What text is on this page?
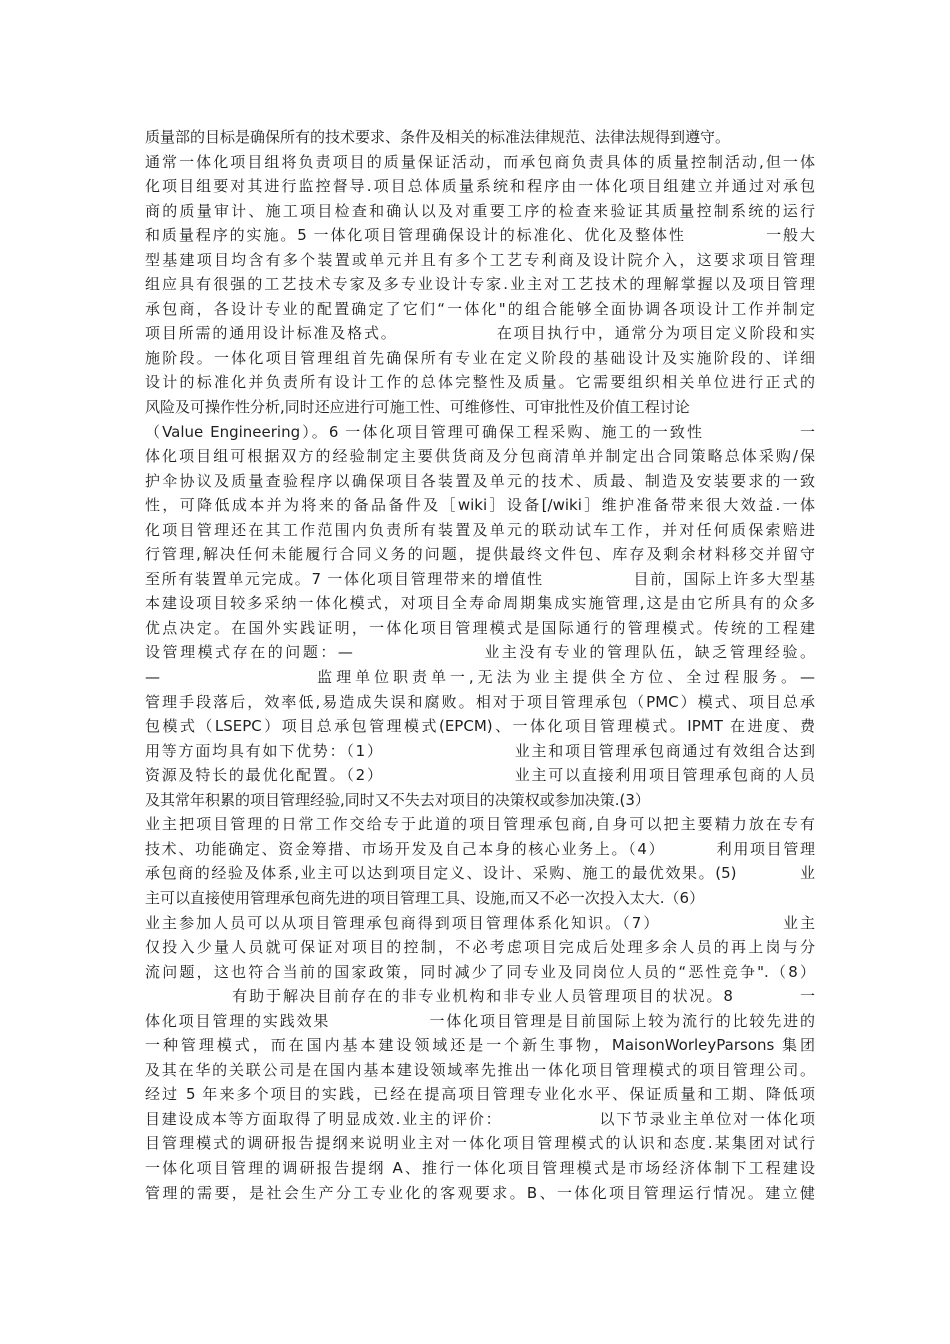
质量部的目标是确保所有的技术要求、条件及相关的标准法律规范、法律法规得到遵守。
通常一体化项目组将负责项目的质量保证活动，而承包商负责具体的质量控制活动,但一体
化项目组要对其进行监控督导.项目总体质量系统和程序由一体化项目组建立并通过对承包
商的质量审计、施工项目检查和确认以及对重要工序的检查来验证其质量控制系统的运行
和质量程序的实施。5 一体化项目管理确保设计的标准化、优化及整体性            一般大
型基建项目均含有多个装置或单元并且有多个工艺专利商及设计院介入，这要求项目管理
组应具有很强的工艺技术专家及多专业设计专家.业主对工艺技术的理解掌握以及项目管理
承包商，各设计专业的配置确定了它们“一体化"的组合能够全面协调各项设计工作并制定
项目所需的通用设计标准及格式。               在项目执行中，通常分为项目定义阶段和实
施阶段。一体化项目管理组首先确保所有专业在定义阶段的基础设计及实施阶段的、详细
设计的标准化并负责所有设计工作的总体完整性及质量。它需要组织相关单位进行正式的
风险及可操作性分析,同时还应进行可施工性、可维修性、可审批性及价值工程讨论
（Value Engineering）。6 一体化项目管理可确保工程采购、施工的一致性              一
体化项目组可根据双方的经验制定主要供货商及分包商清单并制定出合同策略总体采购/保
护伞协议及质量查验程序以确保项目各装置及单元的技术、质最、制造及安装要求的一致
性，可降低成本并为将来的备品备件及［wiki］设备[/wiki］维护准备带来很大效益.一体
化项目管理还在其工作范围内负责所有装置及单元的联动试车工作，并对任何质保索赔进
行管理,解决任何未能履行合同义务的问题，提供最终文件包、库存及剩余材料移交并留守
至所有装置单元完成。7 一体化项目管理带来的增值性              目前，国际上许多大型基
本建设项目较多采纳一体化模式，对项目全寿命周期集成实施管理,这是由它所具有的众多
优点决定。在国外实践证明，一体化项目管理模式是国际通行的管理模式。传统的工程建
设管理模式存在的问题：—                  业主没有专业的管理队伍，缺乏管理经验。
—                  监理单位职责单一,无法为业主提供全方位、全过程服务。—
管理手段落后，效率低,易造成失误和腐败。相对于项目管理承包（PMC）模式、项目总承
包模式（LSEPC）项目总承包管理模式(EPCM)、一体化项目管理模式。IPMT 在进度、费
用等方面均具有如下优势：（1）                    业主和项目管理承包商通过有效组合达到
资源及特长的最优化配置。（2）                    业主可以直接利用项目管理承包商的人员
及其常年积累的项目管理经验,同时又不失去对项目的决策权或参加决策.(3）
业主把项目管理的日常工作交给专于此道的项目管理承包商,自身可以把主要精力放在专有
技术、功能确定、资金筹措、市场开发及自己本身的核心业务上。（4）        利用项目管理
承包商的经验及体系,业主可以达到项目定义、设计、采购、施工的最优效果。(5)          业
主可以直接使用管理承包商先进的项目管理工具、设施,而又不必一次投入太大.（6）
业主参加人员可以从项目管理承包商得到项目管理体系化知识。（7）                  业主
仅投入少量人员就可保证对项目的控制，不必考虑项目完成后处理多余人员的再上岗与分
流问题，这也符合当前的国家政策，同时减少了同专业及同岗位人员的“恶性竞争".（8）
有助于解决目前存在的非专业机构和非专业人员管理项目的状况。8          一
体化项目管理的实践效果               一体化项目管理是目前国际上较为流行的比较先进的
一种管理模式，而在国内基本建设领域还是一个新生事物，MaisonWorleyParsons 集团
及其在华的关联公司是在国内基本建设领域率先推出一体化项目管理模式的项目管理公司。
经过 5 年来多个项目的实践，已经在提高项目管理专业化水平、保证质量和工期、降低项
目建设成本等方面取得了明显成效.业主的评价：               以下节录业主单位对一体化项
目管理模式的调研报告提纲来说明业主对一体化项目管理模式的认识和态度.某集团对试行
一体化项目管理的调研报告提纲 A、推行一体化项目管理模式是市场经济体制下工程建设
管理的需要，是社会生产分工专业化的客观要求。B、一体化项目管理运行情况。建立健
